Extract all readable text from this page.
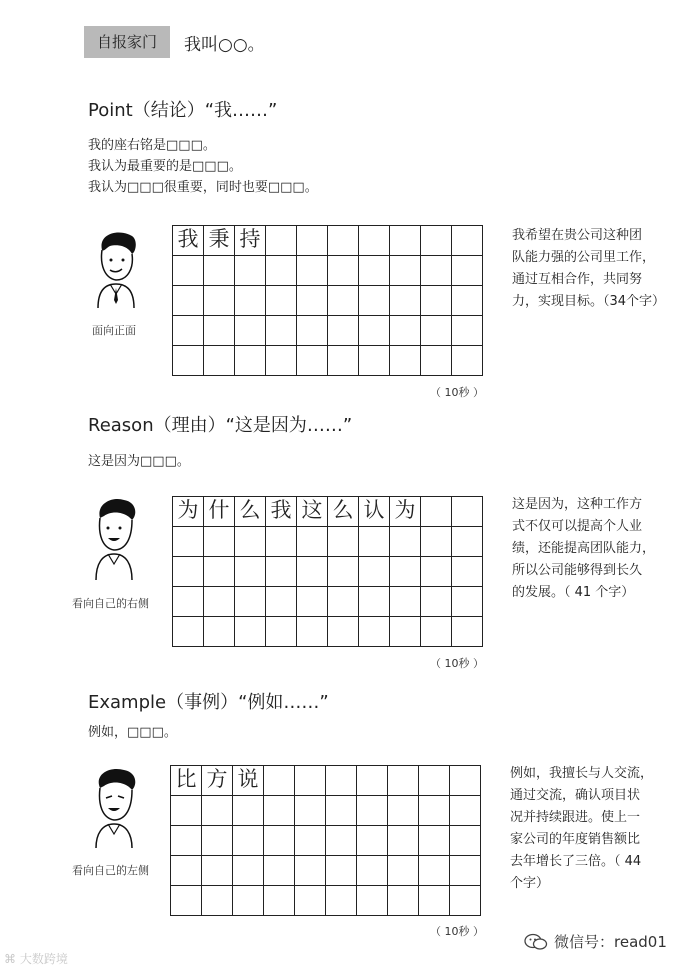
自报家门	我叫○○。
Point（结论）“我……”
我的座右铭是□□□。
我认为最重要的是□□□。
我认为□□□很重要，同时也要□□□。
面向正面
我 秉 持	我希望在贵公司这种团
队能力强的公司里工作，
通过互相合作，共同努
力，实现目标。（34个字）
（ 10秒 ）
Reason（理由）“这是因为……”
这是因为□□□。
看向自己的右侧
为 什 么 我 这 么 认 为	这是因为，这种工作方
式不仅可以提高个人业
绩，还能提高团队能力，
所以公司能够得到长久
的发展。（ 41 个字）
（ 10秒 ）
Example（事例）“例如……”
例如，□□□。
看向自己的左侧
比 方 说	例如，我擅长与人交流，
通过交流，确认项目状
况并持续跟进。使上一
家公司的年度销售额比
去年增长了三倍。（ 44
个字）
（ 10秒 ）
⌘ 大数跨境
微信号：read01
